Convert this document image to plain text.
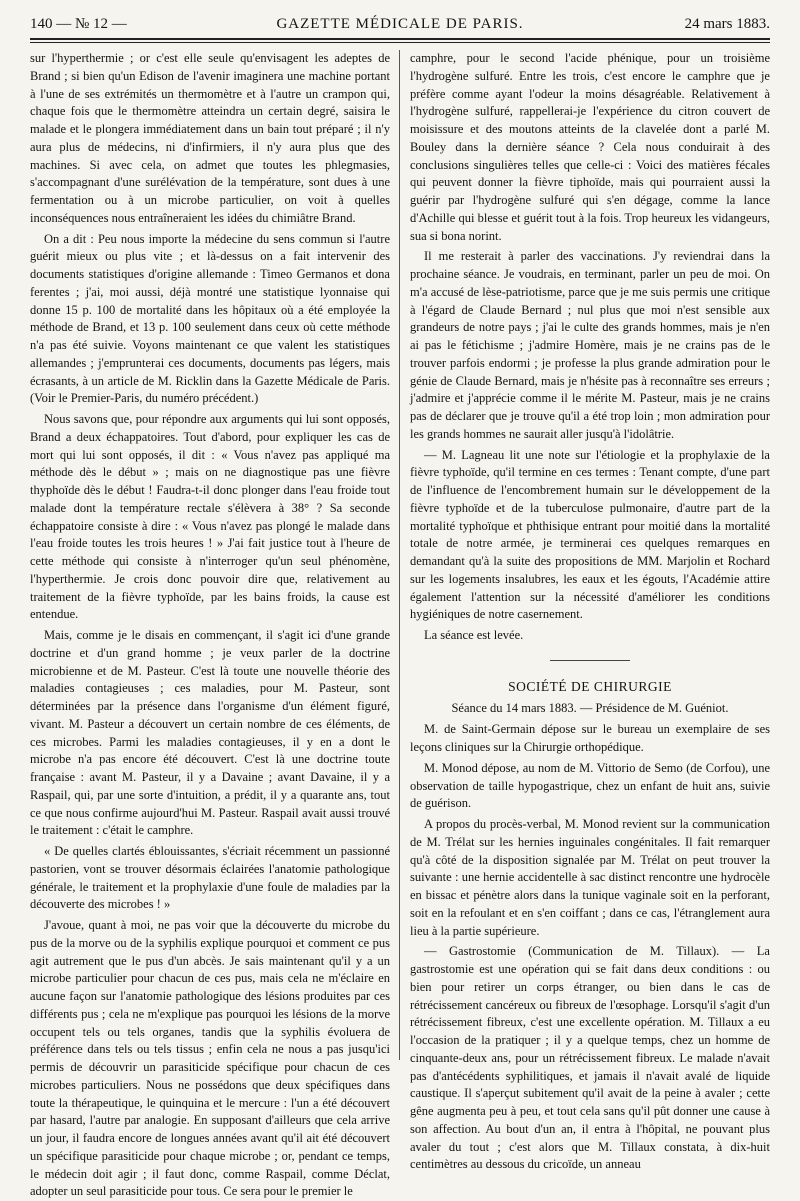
140 — № 12 —	GAZETTE MÉDICALE DE PARIS.	24 mars 1883.

sur l'hyperthermie ; or c'est elle seule qu'envisagent les adeptes de Brand ; si bien qu'un Edison de l'avenir imaginera une machine portant à l'une de ses extrémités un thermomètre et à l'autre un crampon qui, chaque fois que le thermomètre atteindra un certain degré, saisira le malade et le plongera immédiatement dans un bain tout préparé ; il n'y aura plus de médecins, ni d'infirmiers, il n'y aura plus que des machines. Si avec cela, on admet que toutes les phlegmasies, s'accompagnant d'une surélévation de la température, sont dues à une fermentation ou à un microbe particulier, on voit à quelles inconséquences nous entraîneraient les idées du chimiâtre Brand.

On a dit : Peu nous importe la médecine du sens commun si l'autre guérit mieux ou plus vite ; et là-dessus on a fait intervenir des documents statistiques d'origine allemande : Timeo Germanos et dona ferentes ; j'ai, moi aussi, déjà montré une statistique lyonnaise qui donne 15 p. 100 de mortalité dans les hôpitaux où a été employée la méthode de Brand, et 13 p. 100 seulement dans ceux où cette méthode n'a pas été suivie. Voyons maintenant ce que valent les statistiques allemandes ; j'emprunterai ces documents, documents pas légers, mais écrasants, à un article de M. Ricklin dans la Gazette Médicale de Paris. (Voir le Premier-Paris, du numéro précédent.)

Nous savons que, pour répondre aux arguments qui lui sont opposés, Brand a deux échappatoires. Tout d'abord, pour expliquer les cas de mort qui lui sont opposés, il dit : « Vous n'avez pas appliqué ma méthode dès le début » ; mais on ne diagnostique pas une fièvre thyphoïde dès le début ! Faudra-t-il donc plonger dans l'eau froide tout malade dont la température rectale s'élèvera à 38° ? Sa seconde échappatoire consiste à dire : « Vous n'avez pas plongé le malade dans l'eau froide toutes les trois heures ! » J'ai fait justice tout à l'heure de cette méthode qui consiste à n'interroger qu'un seul phénomène, l'hyperthermie. Je crois donc pouvoir dire que, relativement au traitement de la fièvre typhoïde, par les bains froids, la cause est entendue.

Mais, comme je le disais en commençant, il s'agit ici d'une grande doctrine et d'un grand homme ; je veux parler de la doctrine microbienne et de M. Pasteur. C'est là toute une nouvelle théorie des maladies contagieuses ; ces maladies, pour M. Pasteur, sont déterminées par la présence dans l'organisme d'un élément figuré, vivant. M. Pasteur a découvert un certain nombre de ces éléments, de ces microbes. Parmi les maladies contagieuses, il y en a dont le microbe n'a pas encore été découvert. C'est là une doctrine toute française : avant M. Pasteur, il y a Davaine ; avant Davaine, il y a Raspail, qui, par une sorte d'intuition, a prédit, il y a quarante ans, tout ce que nous confirme aujourd'hui M. Pasteur. Raspail avait aussi trouvé le traitement : c'était le camphre.

« De quelles clartés éblouissantes, s'écriait récemment un passionné pastorien, vont se trouver désormais éclairées l'anatomie pathologique générale, le traitement et la prophylaxie d'une foule de maladies par la découverte des microbes ! »

J'avoue, quant à moi, ne pas voir que la découverte du microbe du pus de la morve ou de la syphilis explique pourquoi et comment ce pus agit autrement que le pus d'un abcès. Je sais maintenant qu'il y a un microbe particulier pour chacun de ces pus, mais cela ne m'éclaire en aucune façon sur l'anatomie pathologique des lésions produites par ces différents pus ; cela ne m'explique pas pourquoi les lésions de la morve occupent tels ou tels organes, tandis que la syphilis évoluera de préférence dans tels ou tels tissus ; enfin cela ne nous a pas jusqu'ici permis de découvrir un parasiticide spécifique pour chacun de ces microbes particuliers. Nous ne possédons que deux spécifiques dans toute la thérapeutique, le quinquina et le mercure : l'un a été découvert par hasard, l'autre par analogie. En supposant d'ailleurs que cela arrive un jour, il faudra encore de longues années avant qu'il ait été découvert un spécifique parasiticide pour chaque microbe ; or, pendant ce temps, le médecin doit agir ; il faut donc, comme Raspail, comme Déclat, adopter un seul parasiticide pour tous. Ce sera pour le premier le

camphre, pour le second l'acide phénique, pour un troisième l'hydrogène sulfuré. Entre les trois, c'est encore le camphre que je préfère comme ayant l'odeur la moins désagréable. Relativement à l'hydrogène sulfuré, rappellerai-je l'expérience du citron couvert de moisissure et des moutons atteints de la clavelée dont a parlé M. Bouley dans la dernière séance ? Cela nous conduirait à des conclusions singulières telles que celle-ci : Voici des matières fécales qui peuvent donner la fièvre tiphoïde, mais qui pourraient aussi la guérir par l'hydrogène sulfuré qui s'en dégage, comme la lance d'Achille qui blesse et guérit tout à la fois. Trop heureux les vidangeurs, sua si bona norint.

Il me resterait à parler des vaccinations. J'y reviendrai dans la prochaine séance. Je voudrais, en terminant, parler un peu de moi. On m'a accusé de lèse-patriotisme, parce que je me suis permis une critique à l'égard de Claude Bernard ; nul plus que moi n'est sensible aux grandeurs de notre pays ; j'ai le culte des grands hommes, mais je n'en ai pas le fétichisme ; j'admire Homère, mais je ne crains pas de le trouver parfois endormi ; je professe la plus grande admiration pour le génie de Claude Bernard, mais je n'hésite pas à reconnaître ses erreurs ; j'admire et j'apprécie comme il le mérite M. Pasteur, mais je ne crains pas de déclarer que je trouve qu'il a été trop loin ; mon admiration pour les grands hommes ne saurait aller jusqu'à l'idolâtrie.

— M. Lagneau lit une note sur l'étiologie et la prophylaxie de la fièvre typhoïde, qu'il termine en ces termes : Tenant compte, d'une part de l'influence de l'encombrement humain sur le développement de la fièvre typhoïde et de la tuberculose pulmonaire, d'autre part de la mortalité typhoïque et phthisique entrant pour moitié dans la mortalité totale de notre armée, je terminerai ces quelques remarques en demandant qu'à la suite des propositions de MM. Marjolin et Rochard sur les logements insalubres, les eaux et les égouts, l'Académie attire également l'attention sur la nécessité d'améliorer les conditions hygiéniques de notre casernement.

La séance est levée.

SOCIÉTÉ DE CHIRURGIE
Séance du 14 mars 1883. — Présidence de M. Guéniot.

M. de Saint-Germain dépose sur le bureau un exemplaire de ses leçons cliniques sur la Chirurgie orthopédique.

M. Monod dépose, au nom de M. Vittorio de Semo (de Corfou), une observation de taille hypogastrique, chez un enfant de huit ans, suivie de guérison.

A propos du procès-verbal, M. Monod revient sur la communication de M. Trélat sur les hernies inguinales congénitales. Il fait remarquer qu'à côté de la disposition signalée par M. Trélat on peut trouver la suivante : une hernie accidentelle à sac distinct rencontre une hydrocèle en bissac et pénètre alors dans la tunique vaginale soit en la perforant, soit en la refoulant et en s'en coiffant ; dans ce cas, l'étranglement aura lieu à la partie supérieure.

— Gastrostomie (Communication de M. Tillaux). — La gastrostomie est une opération qui se fait dans deux conditions : ou bien pour retirer un corps étranger, ou bien dans le cas de rétrécissement cancéreux ou fibreux de l'œsophage. Lorsqu'il s'agit d'un rétrécissement fibreux, c'est une excellente opération. M. Tillaux a eu l'occasion de la pratiquer ; il y a quelque temps, chez un homme de cinquante-deux ans, pour un rétrécissement fibreux. Le malade n'avait pas d'antécédents syphilitiques, et jamais il n'avait avalé de liquide caustique. Il s'aperçut subitement qu'il avait de la peine à avaler ; cette gêne augmenta peu à peu, et tout cela sans qu'il pût donner une cause à son affection. Au bout d'un an, il entra à l'hôpital, ne pouvant plus avaler du tout ; c'est alors que M. Tillaux constata, à dix-huit centimètres au dessous du cricoïde, un anneau
